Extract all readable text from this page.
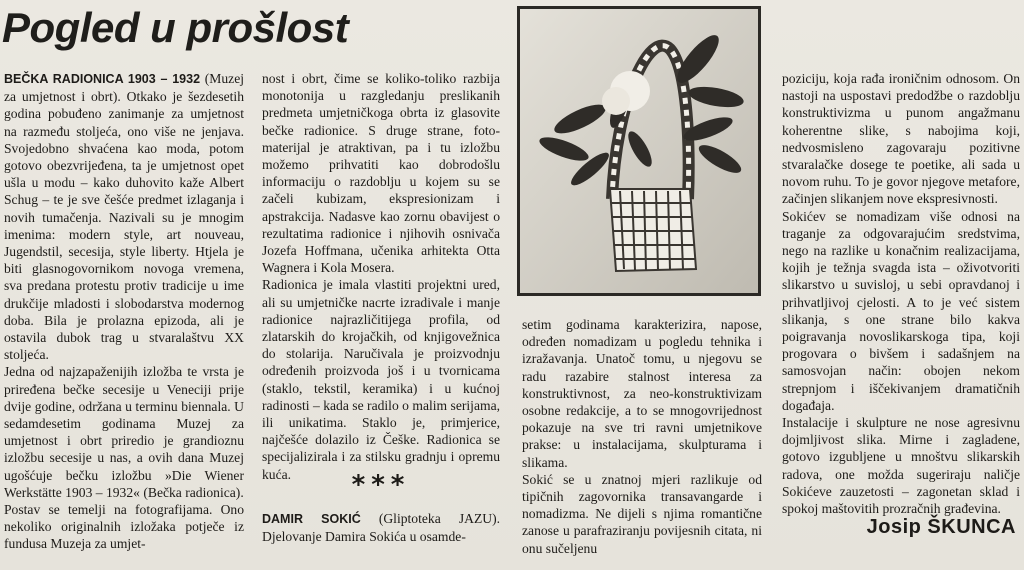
Pogled u prošlost
BEČKA RADIONICA 1903 – 1932 (Muzej za umjetnost i obrt). Otkako je šezdesetih godina pobuđeno zanimanje za umjetnost na razmeđu stoljeća, ono više ne jenjava. Svojedobno shvaćena kao moda, potom gotovo obezvrijeđena, ta je umjetnost opet ušla u modu – kako duhovito kaže Albert Schug – te je sve češće predmet izlaganja i novih tumačenja. Nazivali su je mnogim imenima: modern style, art nouveau, Jugendstil, secesija, style liberty. Htjela je biti glasnogovornikom novoga vremena, sva predana protestu protiv tradicije u ime drukčije mladosti i slobodarstva modernog doba. Bila je prolazna epizoda, ali je ostavila dubok trag u stvaralaštvu XX stoljeća.
Jedna od najzapaženijih izložba te vrsta je priređena bečke secesije u Veneciji prije dvije godine, održana u terminu biennala. U sedamdesetim godinama Muzej za umjetnost i obrt priredio je grandioznu izložbu secesije u nas, a ovih dana Muzej ugošćuje bečku izložbu »Die Wiener Werkstätte 1903 – 1932« (Bečka radionica).
Postav se temelji na fotografijama. Ono nekoliko originalnih izložaka potječe iz fundusa Muzeja za umjet-
nost i obrt, čime se koliko-toliko razbija monotonija u razgledanju preslikanih predmeta umjetničkoga obrta iz glasovite bečke radionice. S druge strane, foto-materijal je atraktivan, pa i tu izložbu možemo prihvatiti kao dobrodošlu informaciju o razdoblju u kojem su se začeli kubizam, ekspresionizam i apstrakcija. Nadasve kao zornu obavijest o rezultatima radionice i njihovih osnivača Jozefa Hoffmana, učenika arhitekta Otta Wagnera i Kola Mosera.
Radionica je imala vlastiti projektni ured, ali su umjetničke nacrte izradivale i manje radionice najrazličitijega profila, od zlatarskih do krojačkih, od knjigovežnica do stolarija. Naručivala je proizvodnju određenih proizvoda još i u tvornicama (staklo, tekstil, keramika) i u kućnoj radinosti – kada se radilo o malim serijama, ili unikatima. Staklo je, primjerice, najčešće dolazilo iz Češke. Radionica se specijalizirala i za stilsku gradnju i opremu kuća.	***
DAMIR SOKIĆ (Gliptoteka JAZU). Djelovanje Damira Sokića u osamde-
setim godinama karakterizira, napose, određen nomadizam u pogledu tehnika i izražavanja. Unatoč tomu, u njegovu se radu razabire stalnost interesa za konstruktivnost, za neo-konstruktivizam osobne redakcije, a to se mnogovrijednost pokazuje na sve tri ravni umjetnikove prakse: u instalacijama, skulpturama i slikama.
Sokić se u znatnoj mjeri razlikuje od tipičnih zagovornika transavangarde i nomadizma. Ne dijeli s njima romantične zanose u parafraziranju povijesnih citata, ni onu sučeljenu
poziciju, koja rađa ironičnim odnosom. On nastoji na uspostavi predodžbe o razdoblju konstruktivizma u punom angažmanu koherentne slike, s nabojima koji, nedvosmisleno zagovaraju pozitivne stvaralačke dosege te poetike, ali sada u novom ruhu. To je govor njegove metafore, začinjen slikanjem nove ekspresivnosti.
Sokićev se nomadizam više odnosi na traganje za odgovarajućim sredstvima, nego na razlike u konačnim realizacijama, kojih je težnja svagda ista – oživotvoriti slikarstvo u suvisloj, u sebi opravdanoj i prihvatljivoj cjelosti. A to je već sistem slikanja, s one strane bilo kakva poigravanja novoslikarskoga tipa, koji progovara o bivšem i sadašnjem na samosvojan način: obojen nekom strepnjom i iščekivanjem dramatičnih događaja.
Instalacije i skulpture ne nose agresivnu dojmljivost slika. Mirne i zagladene, gotovo izgubljene u mnoštvu slikarskih radova, one možda sugeriraju naličje Sokićeve zauzetosti – zagonetan sklad i spokoj maštovitih prozračnih građevina.
Josip ŠKUNCA
